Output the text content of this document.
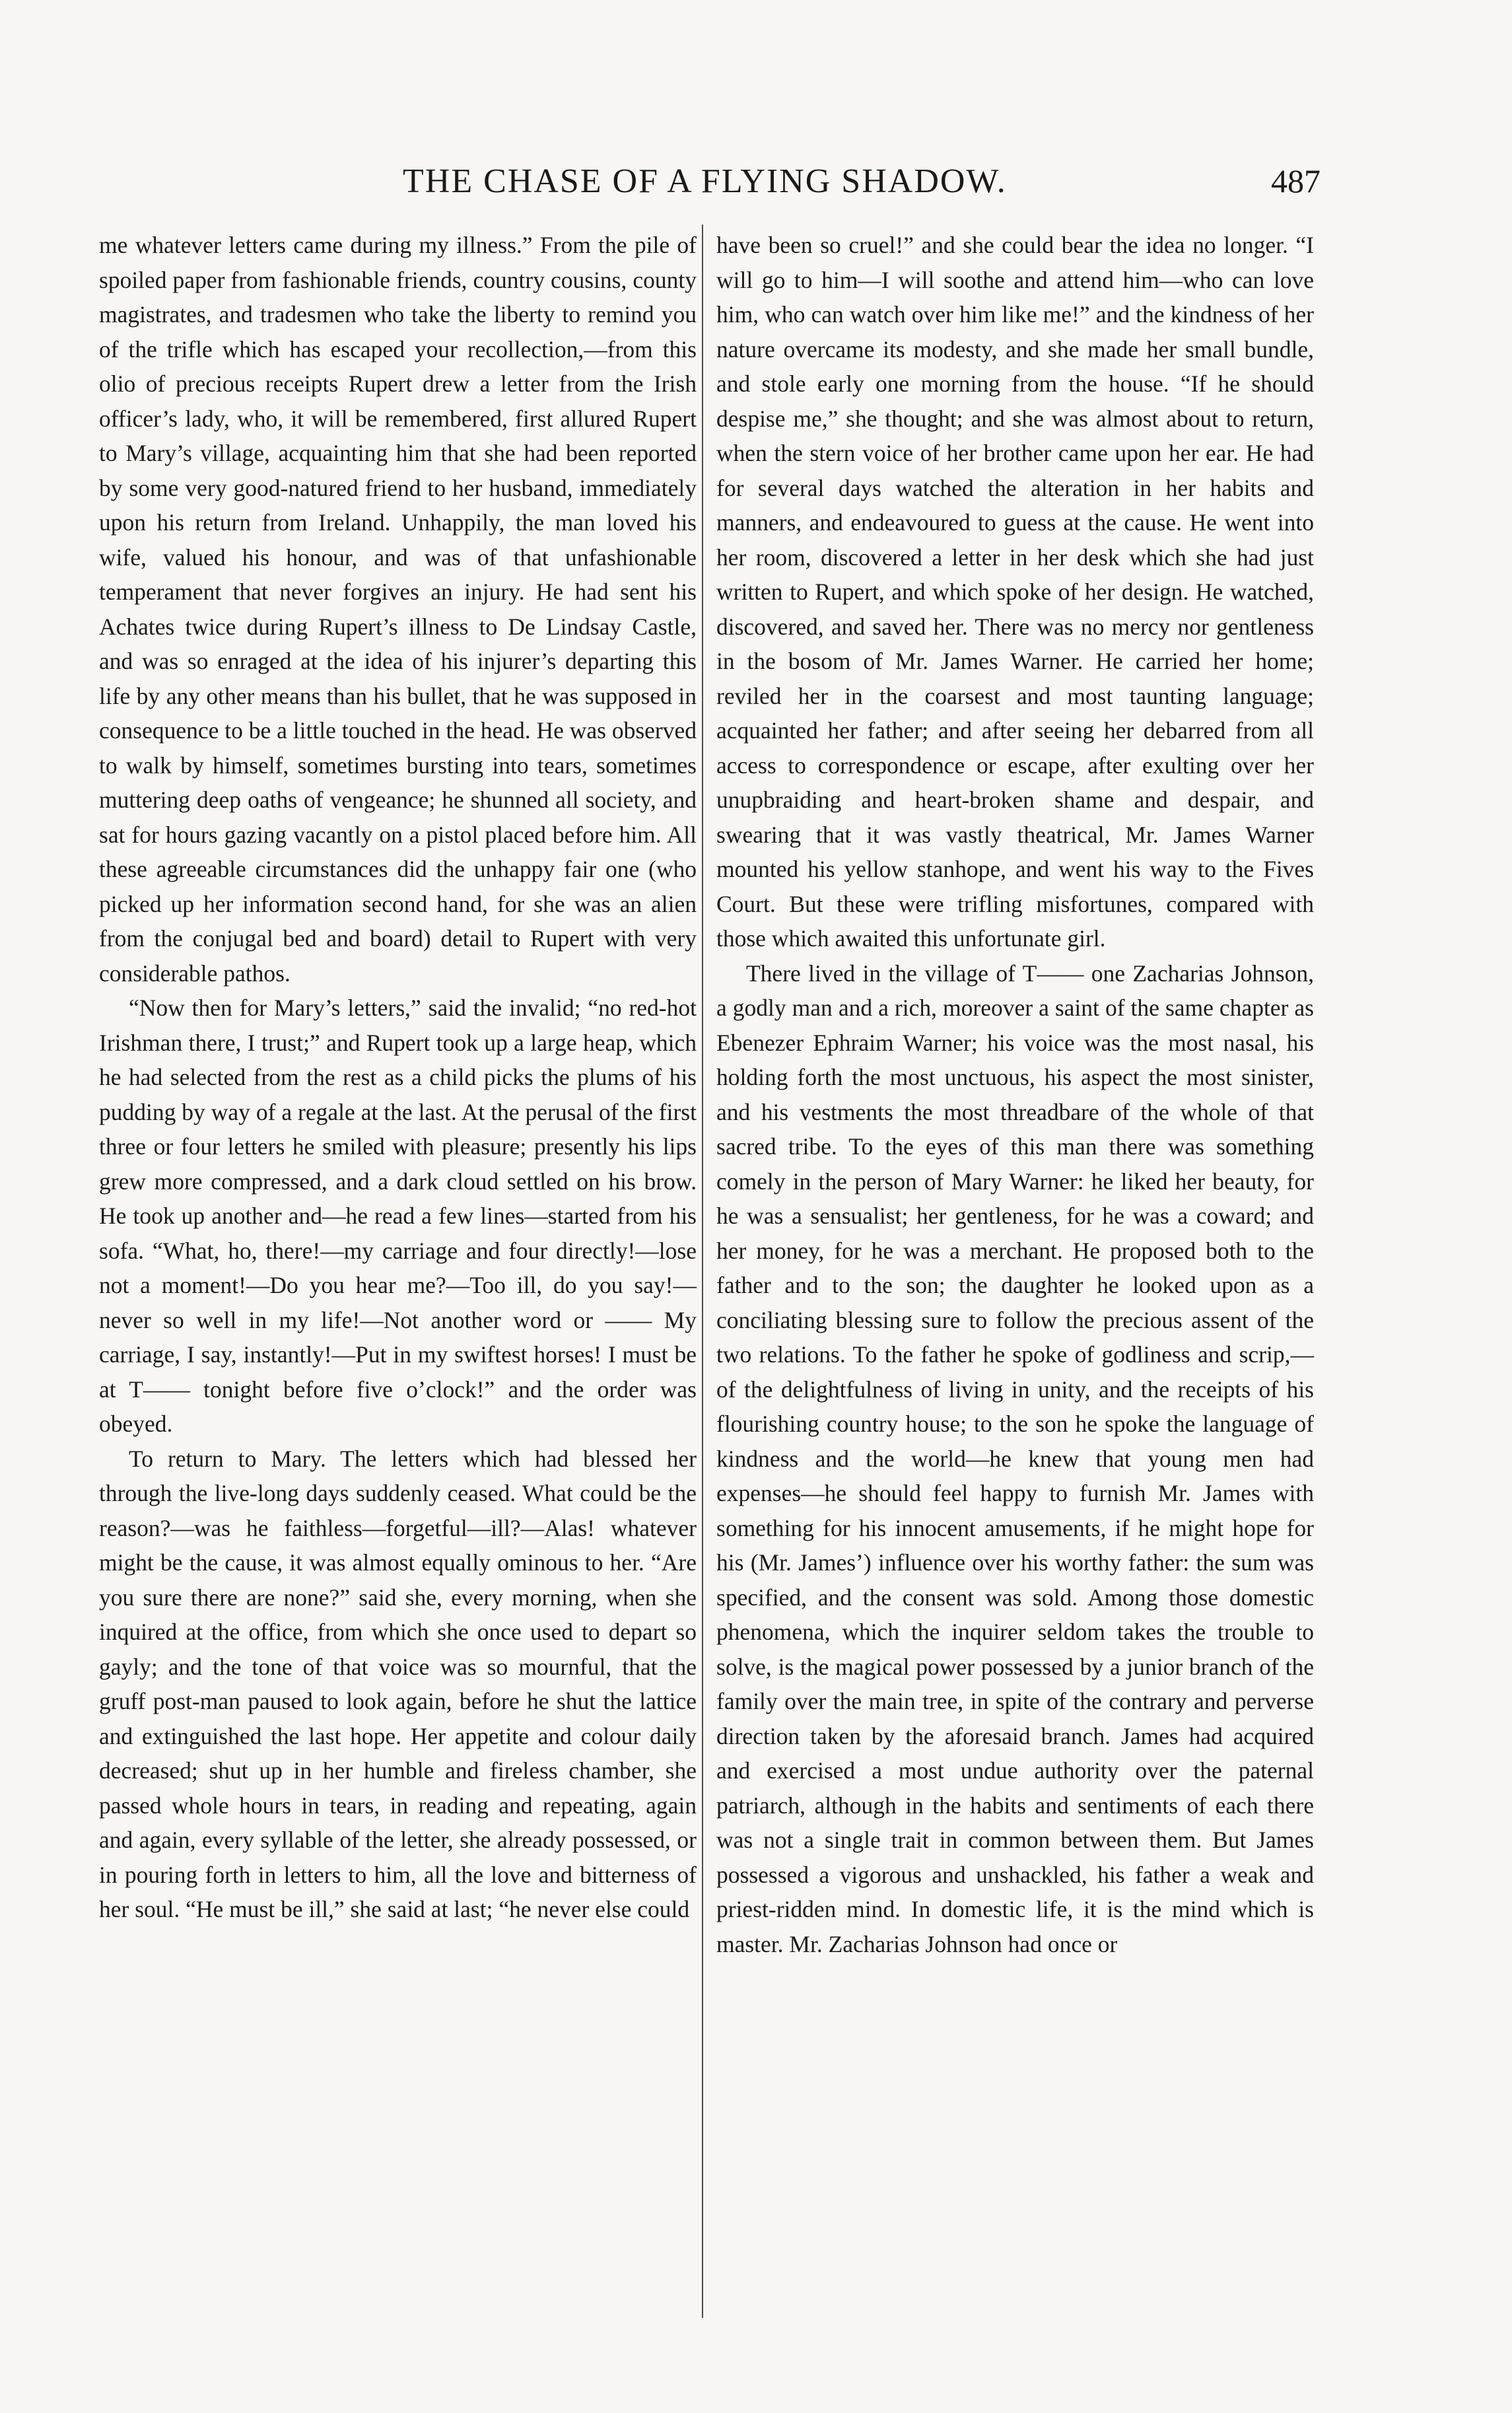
THE CHASE OF A FLYING SHADOW.	487

me whatever letters came during my illness.” From the pile of spoiled paper from fashionable friends, country cousins, county magistrates, and tradesmen who take the liberty to remind you of the trifle which has escaped your recollection,—from this olio of precious receipts Rupert drew a letter from the Irish officer’s lady, who, it will be remembered, first allured Rupert to Mary’s village, acquainting him that she had been reported by some very good-natured friend to her husband, immediately upon his return from Ireland. Unhappily, the man loved his wife, valued his honour, and was of that unfashionable temperament that never forgives an injury. He had sent his Achates twice during Rupert’s illness to De Lindsay Castle, and was so enraged at the idea of his injurer’s departing this life by any other means than his bullet, that he was supposed in consequence to be a little touched in the head. He was observed to walk by himself, sometimes bursting into tears, sometimes muttering deep oaths of vengeance; he shunned all society, and sat for hours gazing vacantly on a pistol placed before him. All these agreeable circumstances did the unhappy fair one (who picked up her information second hand, for she was an alien from the conjugal bed and board) detail to Rupert with very considerable pathos.

“Now then for Mary’s letters,” said the invalid; “no red-hot Irishman there, I trust;” and Rupert took up a large heap, which he had selected from the rest as a child picks the plums of his pudding by way of a regale at the last. At the perusal of the first three or four letters he smiled with pleasure; presently his lips grew more compressed, and a dark cloud settled on his brow. He took up another and—he read a few lines—started from his sofa. “What, ho, there!—my carriage and four directly!—lose not a moment!—Do you hear me?—Too ill, do you say!—never so well in my life!—Not another word or —— My carriage, I say, instantly!—Put in my swiftest horses! I must be at T—— tonight before five o’clock!” and the order was obeyed.

To return to Mary. The letters which had blessed her through the live-long days suddenly ceased. What could be the reason?—was he faithless—forgetful—ill?—Alas! whatever might be the cause, it was almost equally ominous to her. “Are you sure there are none?” said she, every morning, when she inquired at the office, from which she once used to depart so gayly; and the tone of that voice was so mournful, that the gruff post-man paused to look again, before he shut the lattice and extinguished the last hope. Her appetite and colour daily decreased; shut up in her humble and fireless chamber, she passed whole hours in tears, in reading and repeating, again and again, every syllable of the letter, she already possessed, or in pouring forth in letters to him, all the love and bitterness of her soul. “He must be ill,” she said at last; “he never else could

have been so cruel!” and she could bear the idea no longer. “I will go to him—I will soothe and attend him—who can love him, who can watch over him like me!” and the kindness of her nature overcame its modesty, and she made her small bundle, and stole early one morning from the house. “If he should despise me,” she thought; and she was almost about to return, when the stern voice of her brother came upon her ear. He had for several days watched the alteration in her habits and manners, and endeavoured to guess at the cause. He went into her room, discovered a letter in her desk which she had just written to Rupert, and which spoke of her design. He watched, discovered, and saved her. There was no mercy nor gentleness in the bosom of Mr. James Warner. He carried her home; reviled her in the coarsest and most taunting language; acquainted her father; and after seeing her debarred from all access to correspondence or escape, after exulting over her unupbraiding and heart-broken shame and despair, and swearing that it was vastly theatrical, Mr. James Warner mounted his yellow stanhope, and went his way to the Fives Court. But these were trifling misfortunes, compared with those which awaited this unfortunate girl.

There lived in the village of T—— one Zacharias Johnson, a godly man and a rich, moreover a saint of the same chapter as Ebenezer Ephraim Warner; his voice was the most nasal, his holding forth the most unctuous, his aspect the most sinister, and his vestments the most threadbare of the whole of that sacred tribe. To the eyes of this man there was something comely in the person of Mary Warner: he liked her beauty, for he was a sensualist; her gentleness, for he was a coward; and her money, for he was a merchant. He proposed both to the father and to the son; the daughter he looked upon as a conciliating blessing sure to follow the precious assent of the two relations. To the father he spoke of godliness and scrip,—of the delightfulness of living in unity, and the receipts of his flourishing country house; to the son he spoke the language of kindness and the world—he knew that young men had expenses—he should feel happy to furnish Mr. James with something for his innocent amusements, if he might hope for his (Mr. James’) influence over his worthy father: the sum was specified, and the consent was sold. Among those domestic phenomena, which the inquirer seldom takes the trouble to solve, is the magical power possessed by a junior branch of the family over the main tree, in spite of the contrary and perverse direction taken by the aforesaid branch. James had acquired and exercised a most undue authority over the paternal patriarch, although in the habits and sentiments of each there was not a single trait in common between them. But James possessed a vigorous and unshackled, his father a weak and priest-ridden mind. In domestic life, it is the mind which is master. Mr. Zacharias Johnson had once or
